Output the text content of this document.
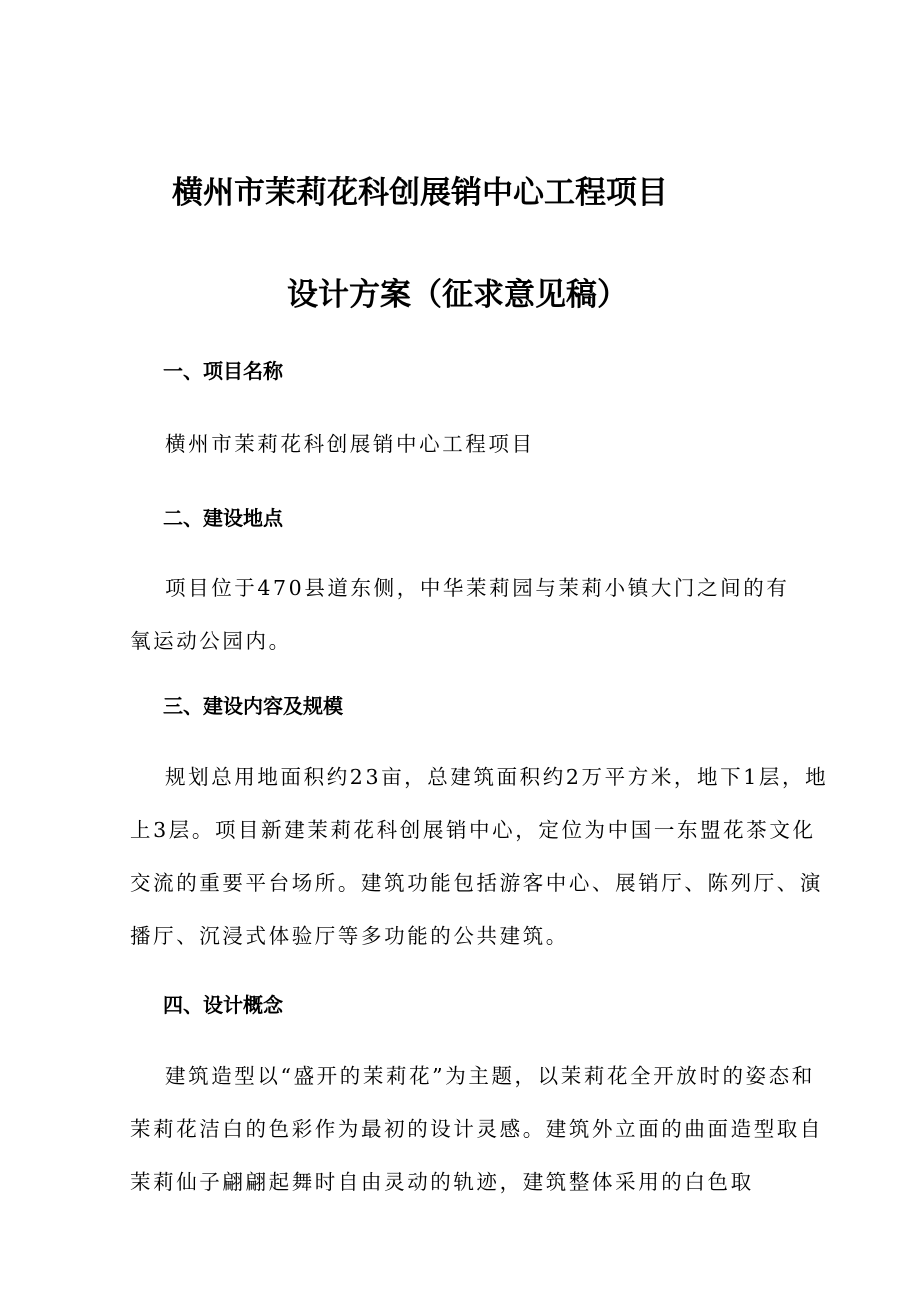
横州市茉莉花科创展销中心工程项目
设计方案（征求意见稿）
一、项目名称
横州市茉莉花科创展销中心工程项目
二、建设地点
项目位于470县道东侧，中华茉莉园与茉莉小镇大门之间的有氧运动公园内。
三、建设内容及规模
规划总用地面积约23亩，总建筑面积约2万平方米，地下1层，地上3层。项目新建茉莉花科创展销中心，定位为中国一东盟花茶文化交流的重要平台场所。建筑功能包括游客中心、展销厅、陈列厅、演播厅、沉浸式体验厅等多功能的公共建筑。
四、设计概念
建筑造型以“盛开的茉莉花”为主题，以茉莉花全开放时的姿态和茉莉花洁白的色彩作为最初的设计灵感。建筑外立面的曲面造型取自茉莉仙子翩翩起舞时自由灵动的轨迹，建筑整体采用的白色取
